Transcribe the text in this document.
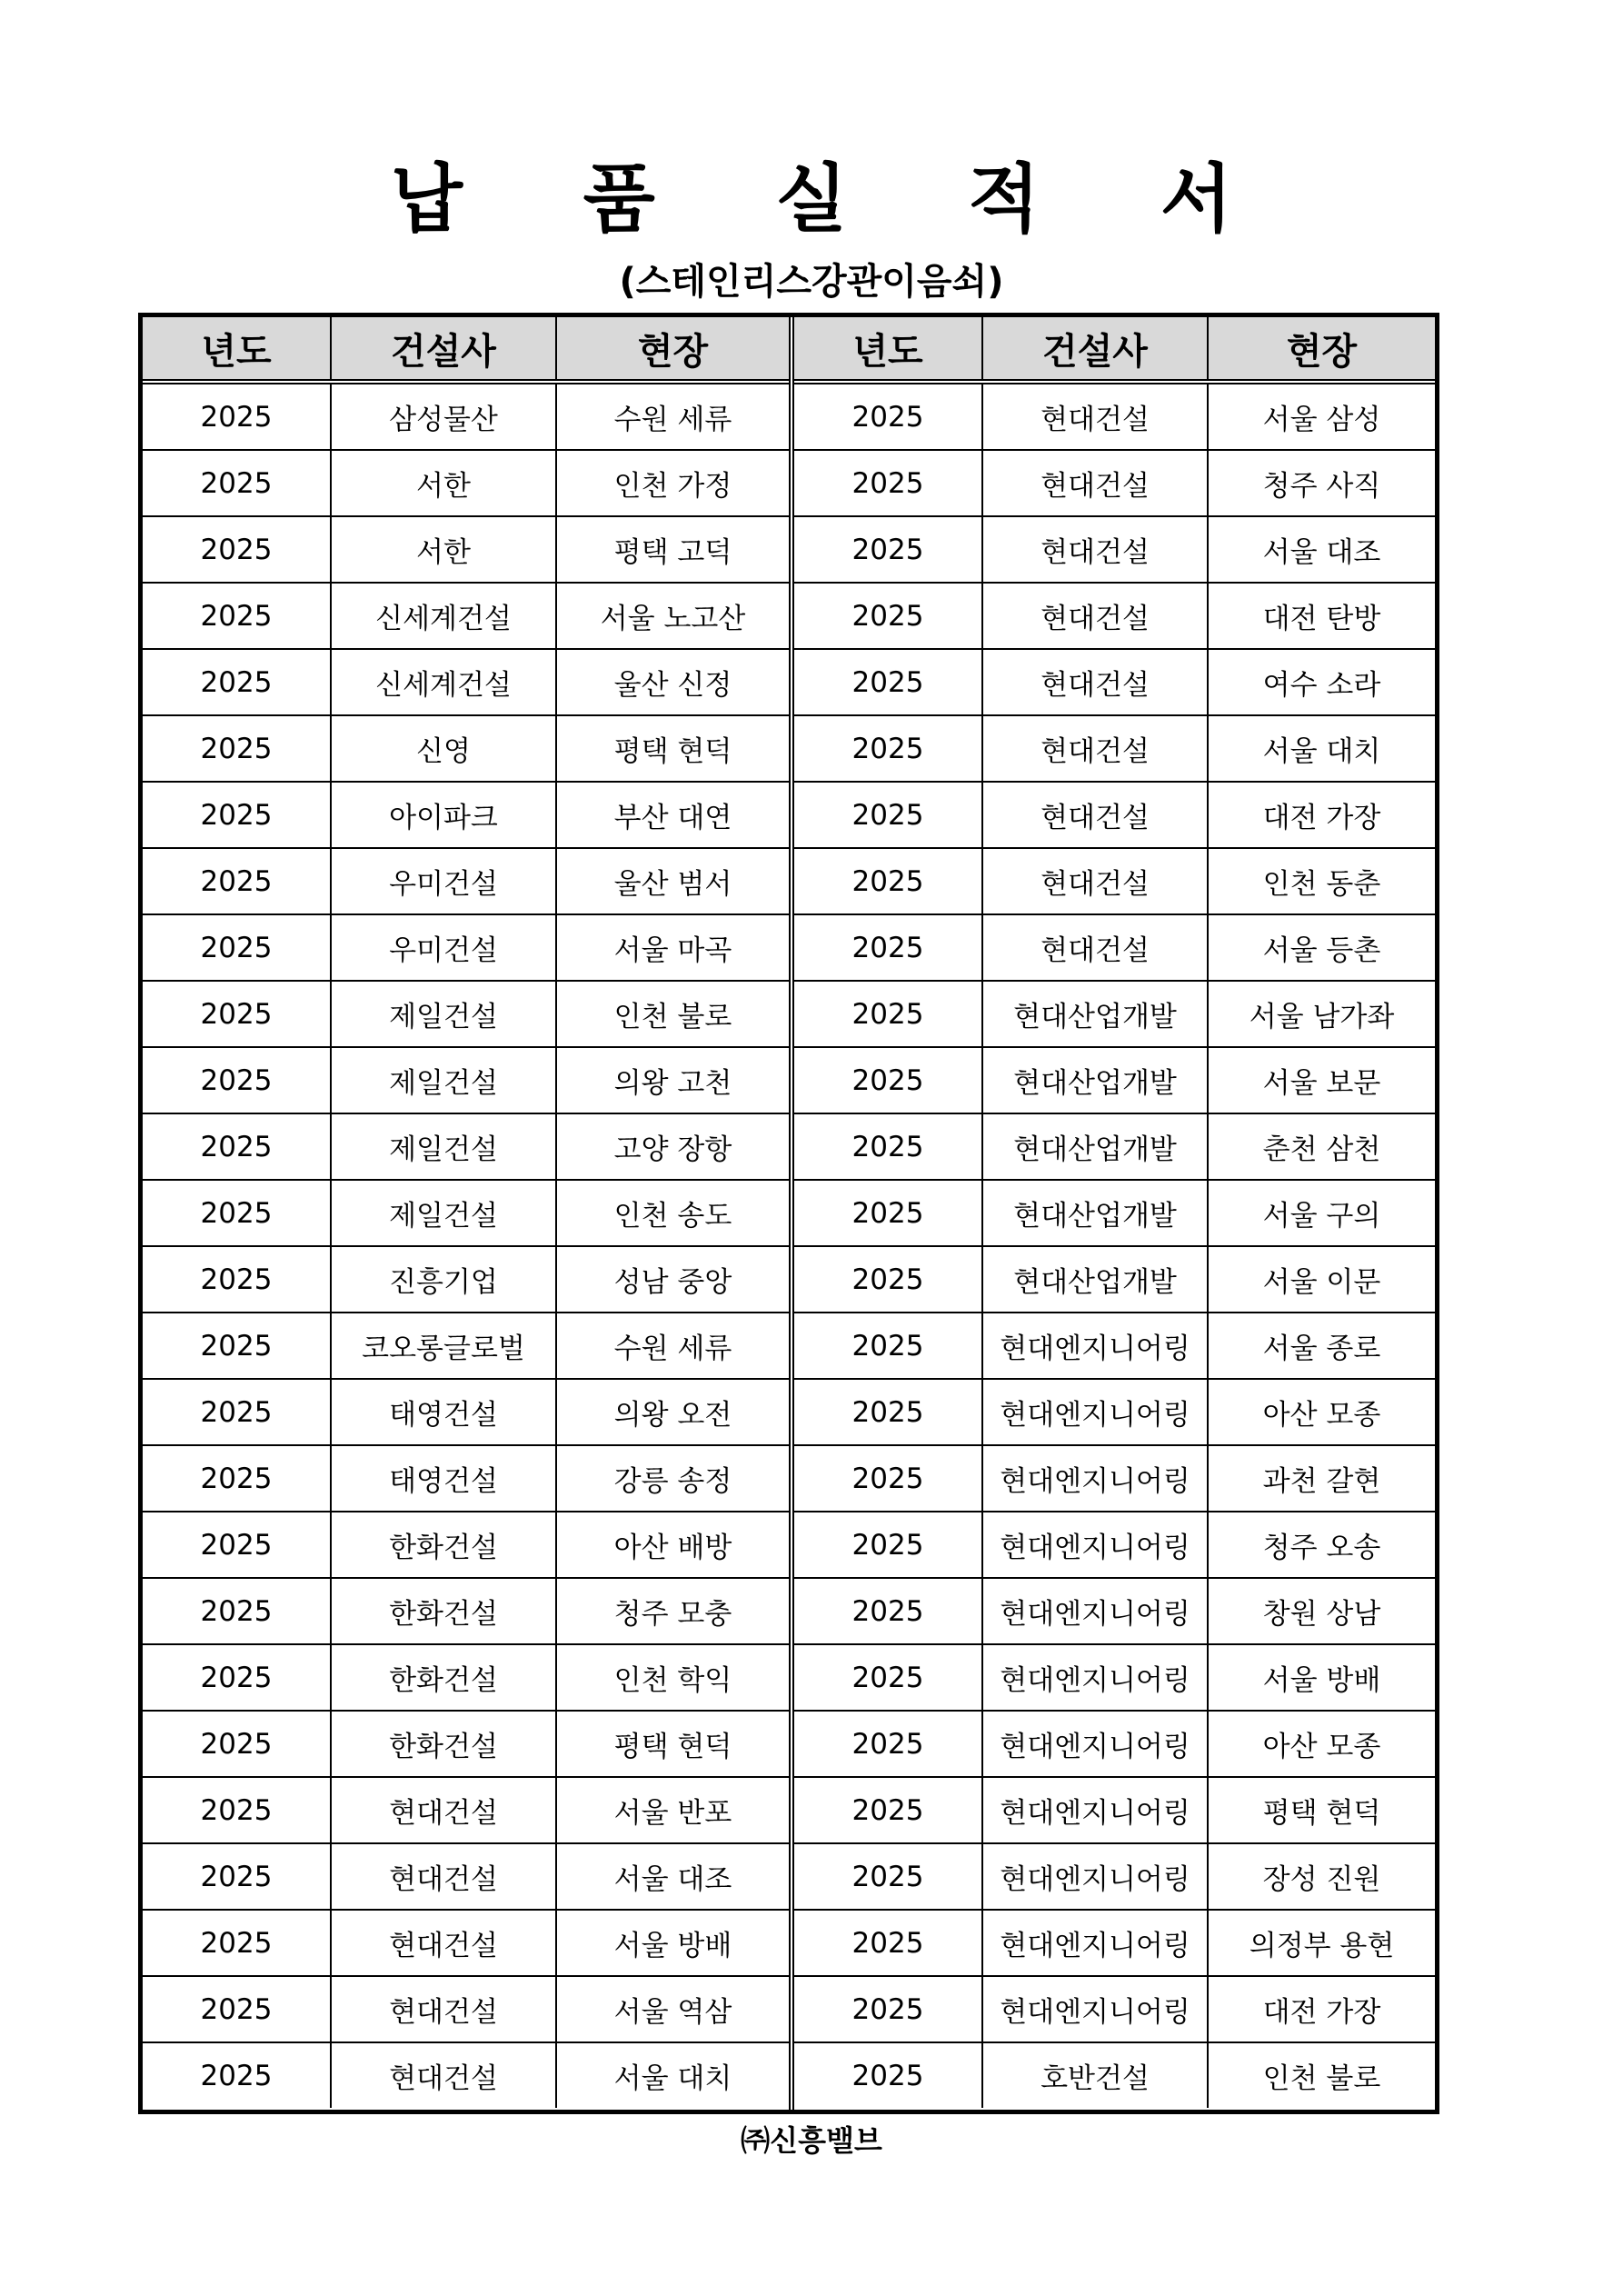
납 품 실 적 서
(스테인리스강관이음쇠)
년도	건설사	현장
2025	삼성물산	수원 세류
2025	서한	인천 가정
2025	서한	평택 고덕
2025	신세계건설	서울 노고산
2025	신세계건설	울산 신정
2025	신영	평택 현덕
2025	아이파크	부산 대연
2025	우미건설	울산 범서
2025	우미건설	서울 마곡
2025	제일건설	인천 불로
2025	제일건설	의왕 고천
2025	제일건설	고양 장항
2025	제일건설	인천 송도
2025	진흥기업	성남 중앙
2025	코오롱글로벌	수원 세류
2025	태영건설	의왕 오전
2025	태영건설	강릉 송정
2025	한화건설	아산 배방
2025	한화건설	청주 모충
2025	한화건설	인천 학익
2025	한화건설	평택 현덕
2025	현대건설	서울 반포
2025	현대건설	서울 대조
2025	현대건설	서울 방배
2025	현대건설	서울 역삼
2025	현대건설	서울 대치
년도	건설사	현장
2025	현대건설	서울 삼성
2025	현대건설	청주 사직
2025	현대건설	서울 대조
2025	현대건설	대전 탄방
2025	현대건설	여수 소라
2025	현대건설	서울 대치
2025	현대건설	대전 가장
2025	현대건설	인천 동춘
2025	현대건설	서울 등촌
2025	현대산업개발	서울 남가좌
2025	현대산업개발	서울 보문
2025	현대산업개발	춘천 삼천
2025	현대산업개발	서울 구의
2025	현대산업개발	서울 이문
2025	현대엔지니어링	서울 종로
2025	현대엔지니어링	아산 모종
2025	현대엔지니어링	과천 갈현
2025	현대엔지니어링	청주 오송
2025	현대엔지니어링	창원 상남
2025	현대엔지니어링	서울 방배
2025	현대엔지니어링	아산 모종
2025	현대엔지니어링	평택 현덕
2025	현대엔지니어링	장성 진원
2025	현대엔지니어링	의정부 용현
2025	현대엔지니어링	대전 가장
2025	호반건설	인천 불로
㈜신흥밸브
